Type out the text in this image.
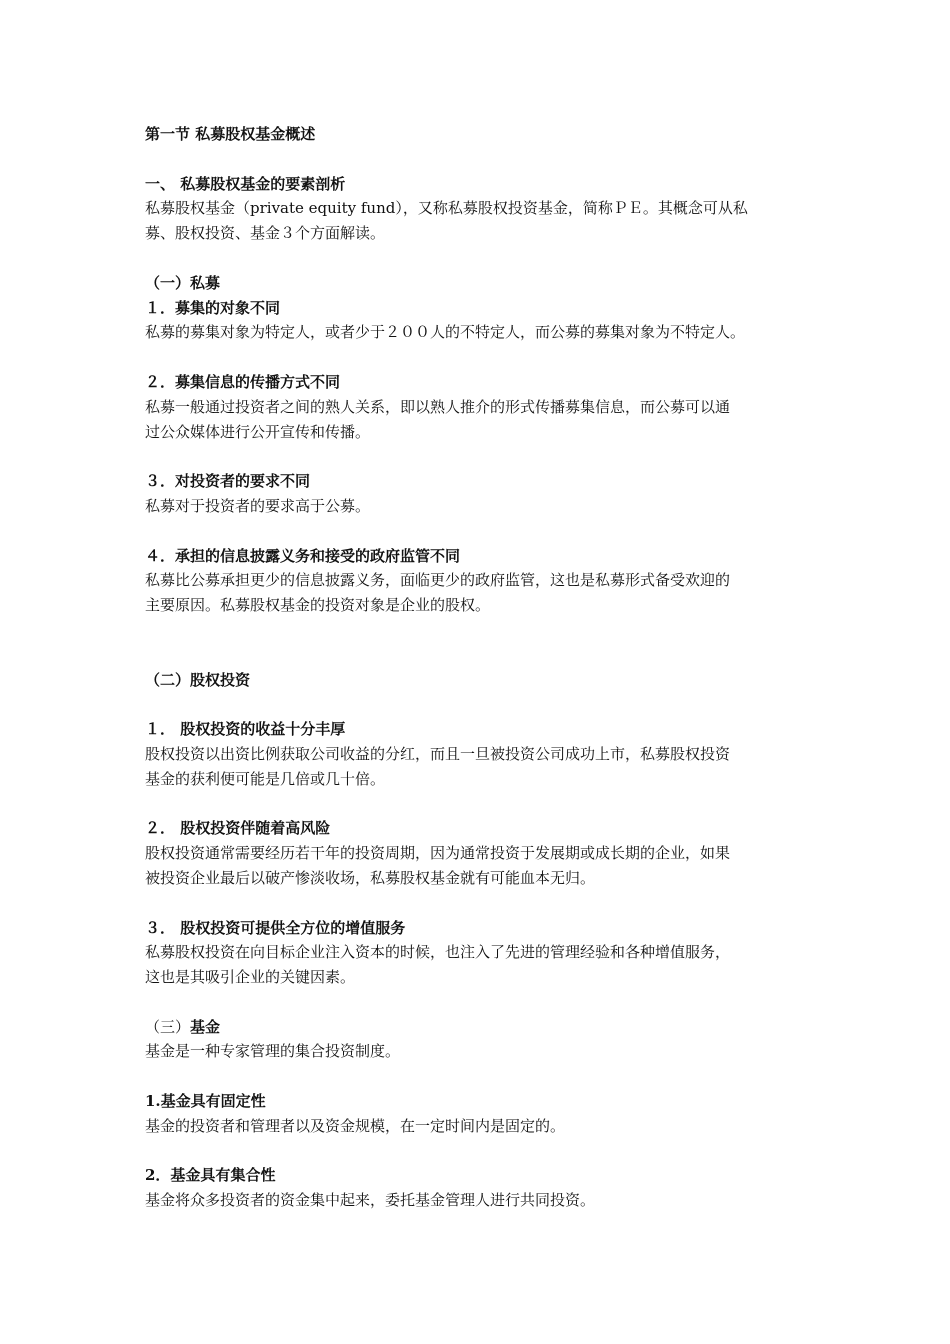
第一节 私募股权基金概述
一、 私募股权基金的要素剖析
私募股权基金（private equity fund），又称私募股权投资基金，简称ＰＥ。其概念可从私
募、股权投资、基金３个方面解读。
（一）私募
１．募集的对象不同
私募的募集对象为特定人，或者少于２００人的不特定人，而公募的募集对象为不特定人。
２．募集信息的传播方式不同
私募一般通过投资者之间的熟人关系，即以熟人推介的形式传播募集信息，而公募可以通
过公众媒体进行公开宣传和传播。
３．对投资者的要求不同
私募对于投资者的要求高于公募。
４．承担的信息披露义务和接受的政府监管不同
私募比公募承担更少的信息披露义务，面临更少的政府监管，这也是私募形式备受欢迎的
主要原因。私募股权基金的投资对象是企业的股权。
（二）股权投资
１． 股权投资的收益十分丰厚
股权投资以出资比例获取公司收益的分红，而且一旦被投资公司成功上市，私募股权投资
基金的获利便可能是几倍或几十倍。
２． 股权投资伴随着高风险
股权投资通常需要经历若干年的投资周期，因为通常投资于发展期或成长期的企业，如果
被投资企业最后以破产惨淡收场，私募股权基金就有可能血本无归。
３． 股权投资可提供全方位的增值服务
私募股权投资在向目标企业注入资本的时候，也注入了先进的管理经验和各种增值服务，
这也是其吸引企业的关键因素。
（三）基金
基金是一种专家管理的集合投资制度。
1.基金具有固定性
基金的投资者和管理者以及资金规模，在一定时间内是固定的。
2．基金具有集合性
基金将众多投资者的资金集中起来，委托基金管理人进行共同投资。
